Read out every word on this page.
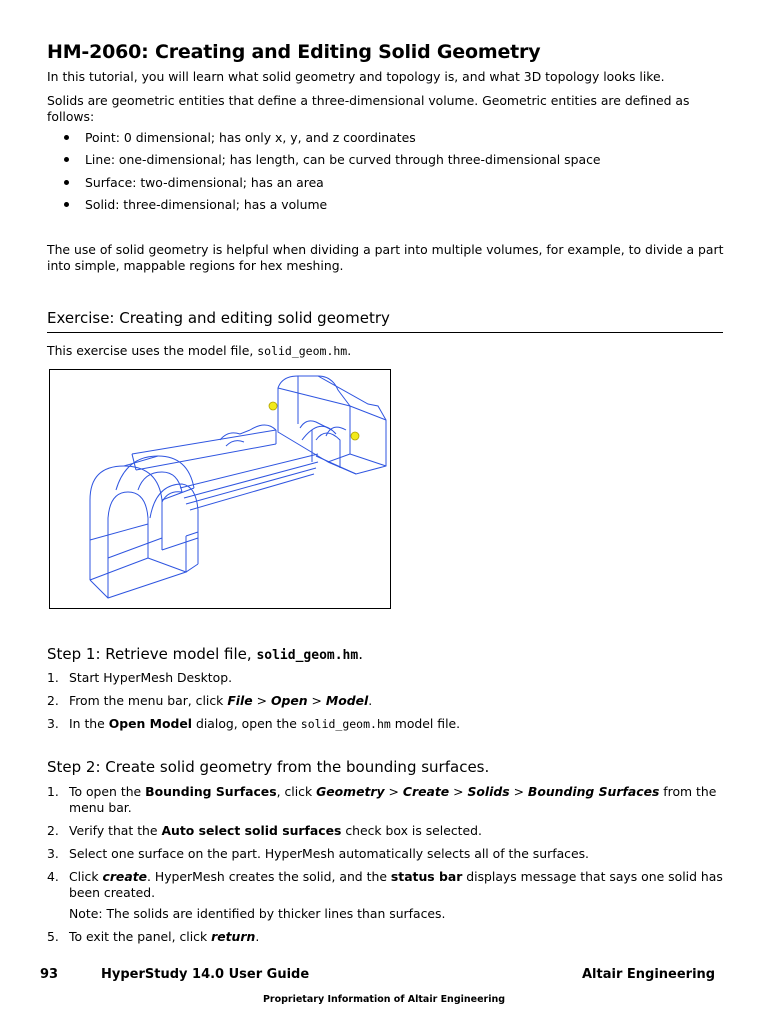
HM-2060: Creating and Editing Solid Geometry

In this tutorial, you will learn what solid geometry and topology is, and what 3D topology looks like.

Solids are geometric entities that define a three-dimensional volume. Geometric entities are defined as follows:

Point: 0 dimensional; has only x, y, and z coordinates
Line: one-dimensional; has length, can be curved through three-dimensional space
Surface: two-dimensional; has an area
Solid: three-dimensional; has a volume

The use of solid geometry is helpful when dividing a part into multiple volumes, for example, to divide a part into simple, mappable regions for hex meshing.

Exercise: Creating and editing solid geometry

This exercise uses the model file, solid_geom.hm.

Step 1: Retrieve model file, solid_geom.hm.
1. Start HyperMesh Desktop.
2. From the menu bar, click File > Open > Model.
3. In the Open Model dialog, open the solid_geom.hm model file.
Step 2: Create solid geometry from the bounding surfaces.
1. To open the Bounding Surfaces, click Geometry > Create > Solids > Bounding Surfaces from the menu bar.
2. Verify that the Auto select solid surfaces check box is selected.
3. Select one surface on the part. HyperMesh automatically selects all of the surfaces.
4. Click create. HyperMesh creates the solid, and the status bar displays message that says one solid has been created.
Note: The solids are identified by thicker lines than surfaces.
5. To exit the panel, click return.
93	HyperStudy 14.0 User Guide	Altair Engineering
Proprietary Information of Altair Engineering
